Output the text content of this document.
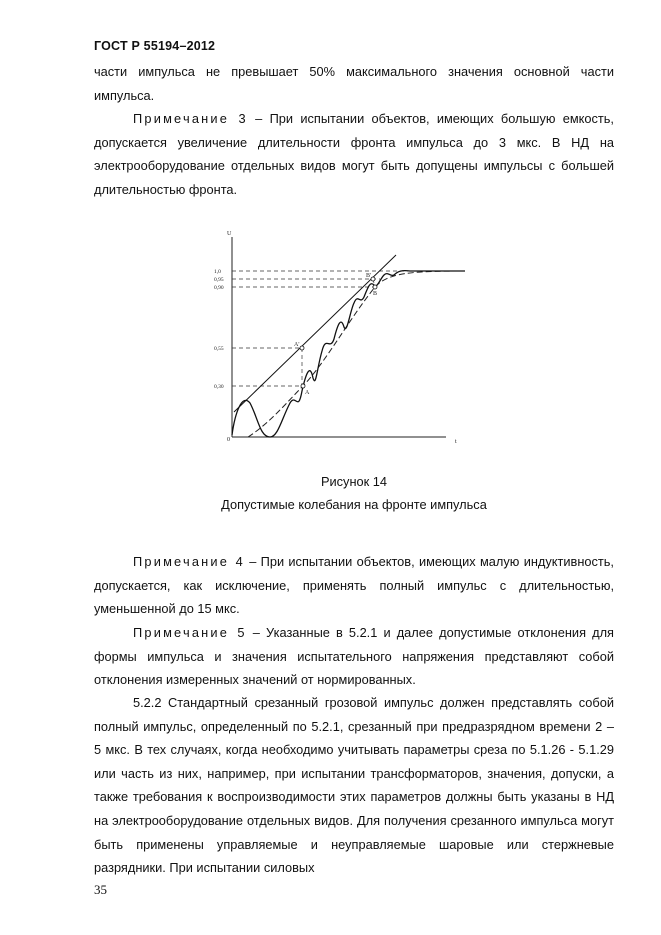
ГОСТ Р 55194–2012

части импульса не превышает 50% максимального значения основной части импульса.

Примечание 3 – При испытании объектов, имеющих большую емкость, допускается увеличение длительности фронта импульса до 3 мкс. В НД на электрооборудование отдельных видов могут быть допущены импульсы с большей длительностью фронта.

U
t
0
1,0
0,95
0,90
0,55
0,30
A'
A
B'
B
Рисунок 14
Допустимые колебания на фронте импульса

Примечание 4 – При испытании объектов, имеющих малую индуктивность, допускается, как исключение, применять полный импульс с длительностью, уменьшенной до 15 мкс.

Примечание 5 – Указанные в 5.2.1 и далее допустимые отклонения для формы импульса и значения испытательного напряжения представляют собой отклонения измеренных значений от нормированных.

5.2.2 Стандартный срезанный грозовой импульс должен представлять собой полный импульс, определенный по 5.2.1, срезанный при предразрядном времени 2 – 5 мкс. В тех случаях, когда необходимо учитывать параметры среза по 5.1.26 - 5.1.29 или часть из них, например, при испытании трансформаторов, значения, допуски, а также требования к воспроизводимости этих параметров должны быть указаны в НД на электрооборудование отдельных видов. Для получения срезанного импульса могут быть применены управляемые и неуправляемые шаровые или стержневые разрядники. При испытании силовых

35
